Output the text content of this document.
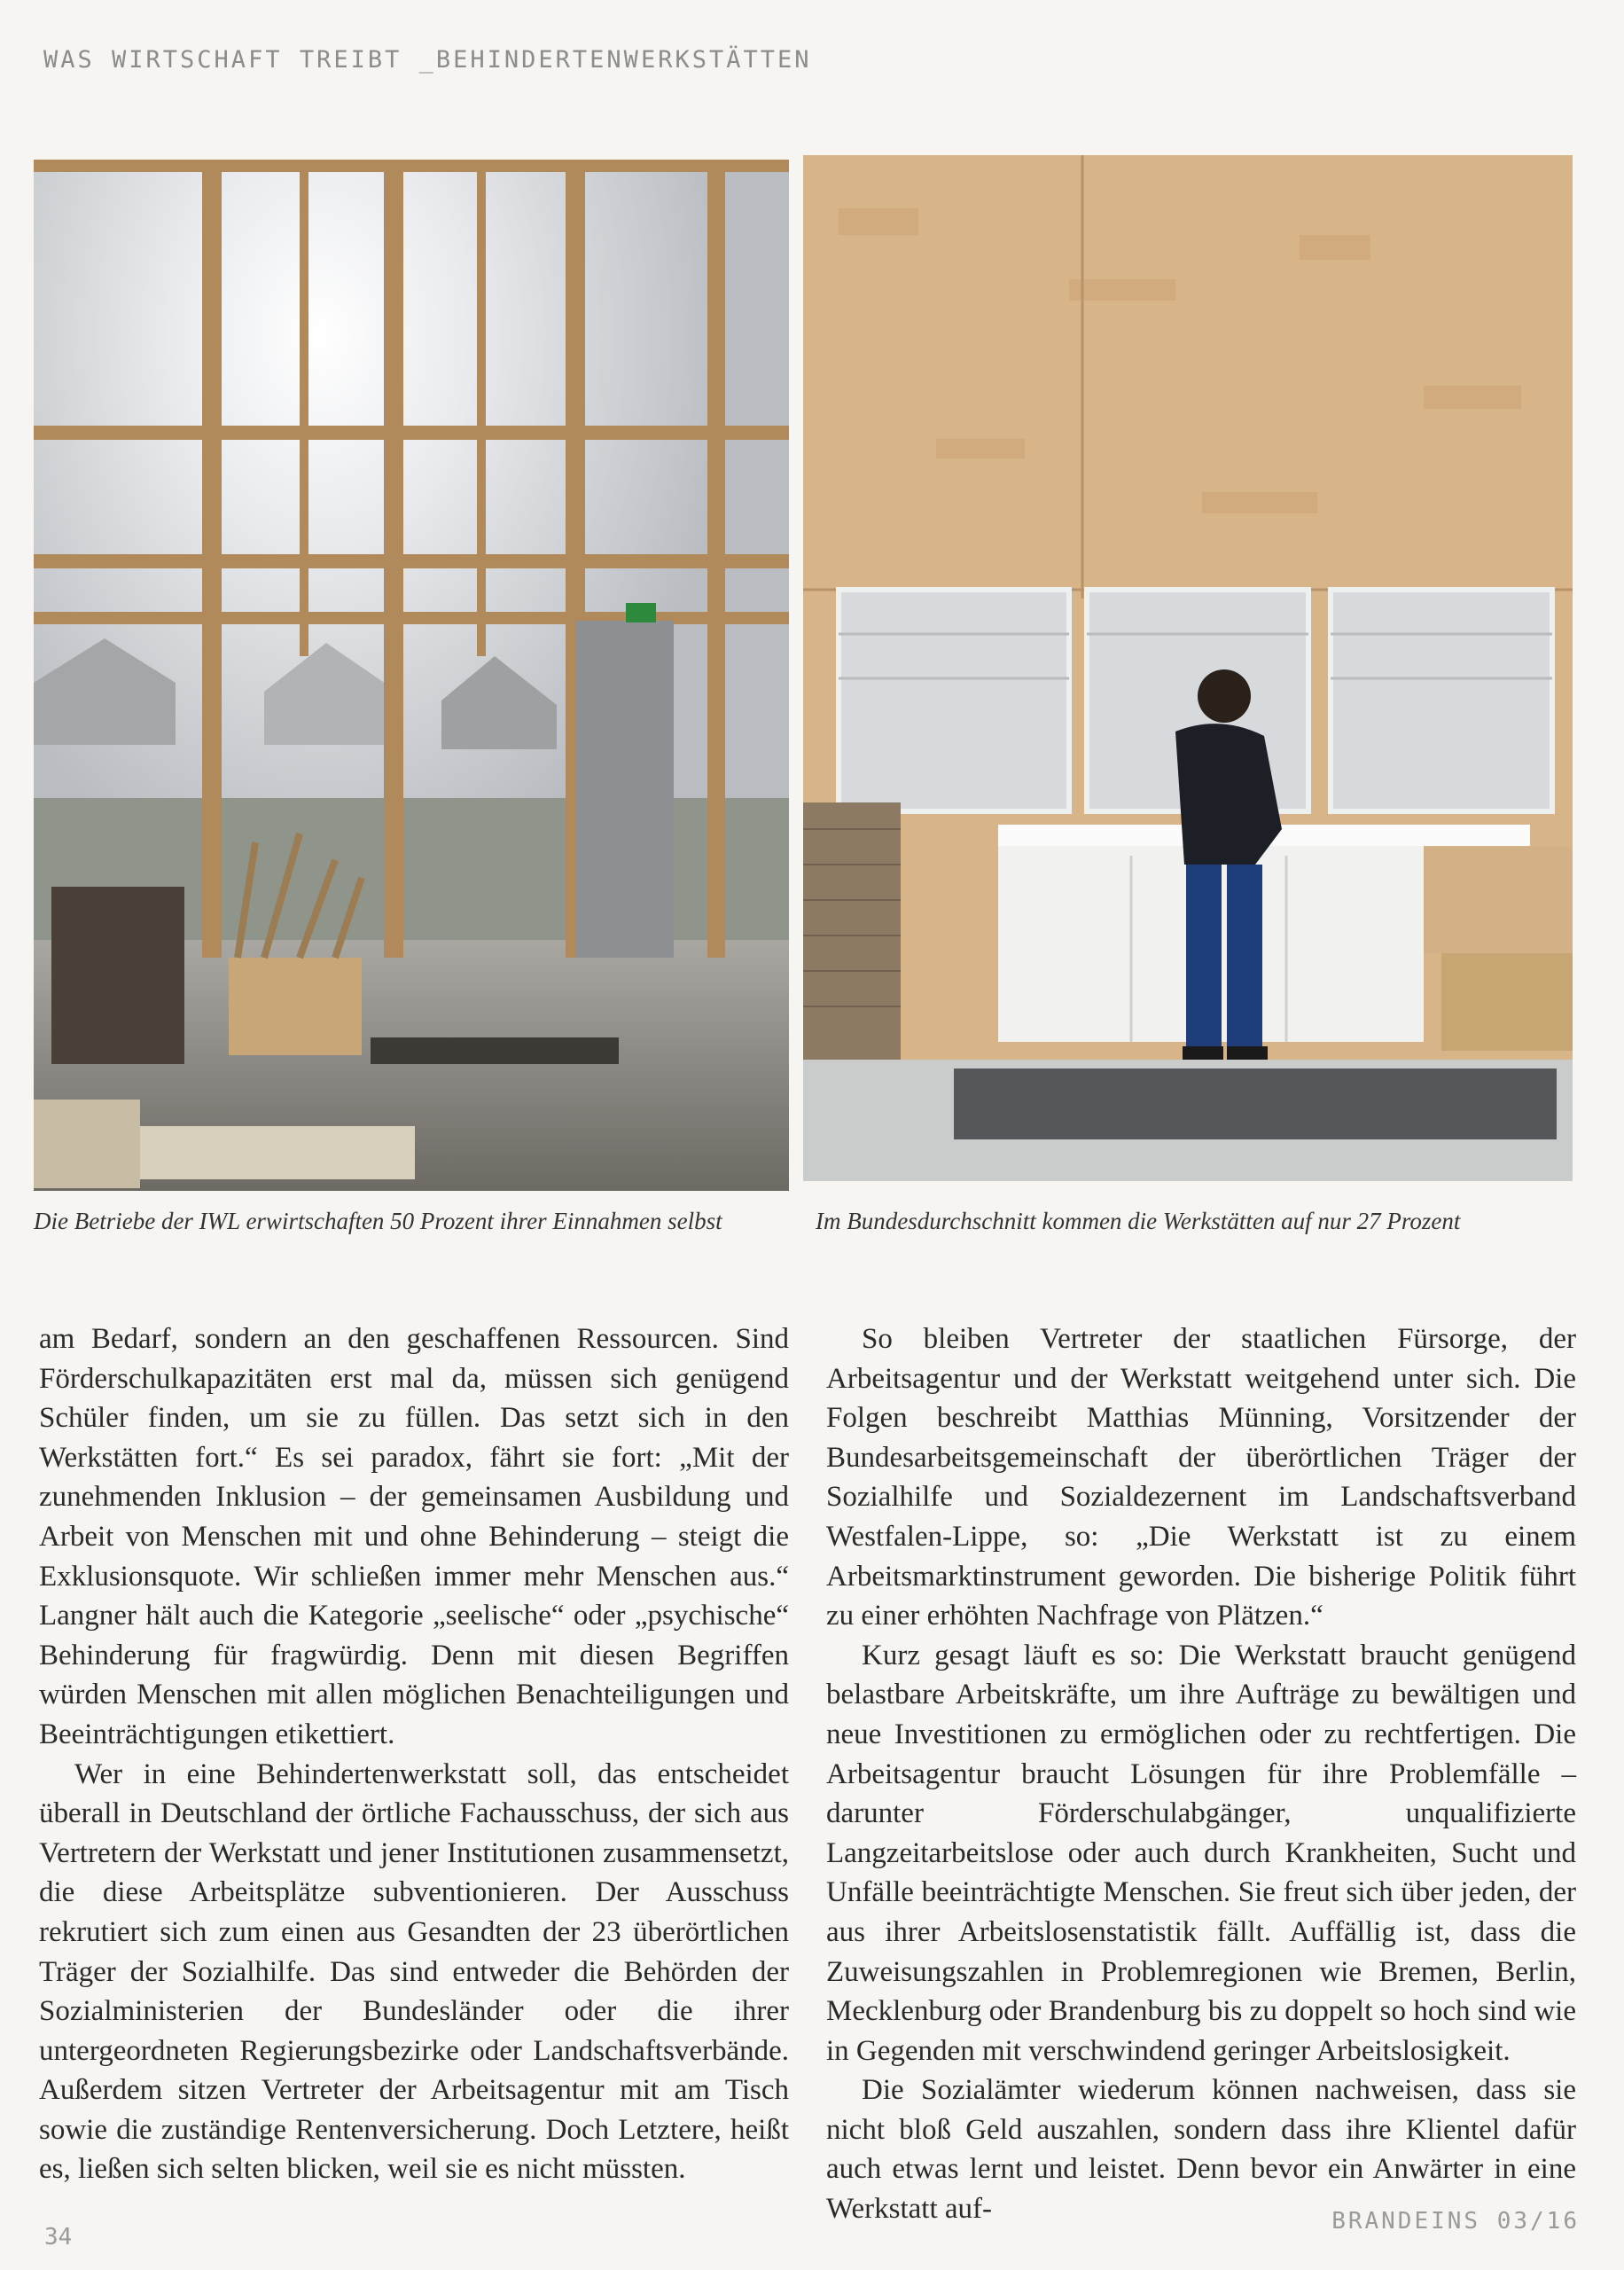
WAS WIRTSCHAFT TREIBT _BEHINDERTENWERKSTÄTTEN
Die Betriebe der IWL erwirtschaften 50 Prozent ihrer Einnahmen selbst	Im Bundesdurchschnitt kommen die Werkstätten auf nur 27 Prozent

am Bedarf, sondern an den geschaffenen Ressourcen. Sind Förderschulkapazitäten erst mal da, müssen sich genügend Schüler finden, um sie zu füllen. Das setzt sich in den Werkstätten fort.“ Es sei paradox, fährt sie fort: „Mit der zunehmenden Inklusion – der gemeinsamen Ausbildung und Arbeit von Menschen mit und ohne Behinderung – steigt die Exklusionsquote. Wir schließen immer mehr Menschen aus.“ Langner hält auch die Kategorie „seelische“ oder „psychische“ Behinderung für fragwürdig. Denn mit diesen Begriffen würden Menschen mit allen möglichen Benachteiligungen und Beeinträchtigungen etikettiert.

Wer in eine Behindertenwerkstatt soll, das entscheidet überall in Deutschland der örtliche Fachausschuss, der sich aus Vertretern der Werkstatt und jener Institutionen zusammensetzt, die diese Arbeitsplätze subventionieren. Der Ausschuss rekrutiert sich zum einen aus Gesandten der 23 überörtlichen Träger der Sozialhilfe. Das sind entweder die Behörden der Sozialministerien der Bundesländer oder die ihrer untergeordneten Regierungsbezirke oder Landschaftsverbände. Außerdem sitzen Vertreter der Arbeitsagentur mit am Tisch sowie die zuständige Rentenversicherung. Doch Letztere, heißt es, ließen sich selten blicken, weil sie es nicht müssten.

So bleiben Vertreter der staatlichen Fürsorge, der Arbeitsagentur und der Werkstatt weitgehend unter sich. Die Folgen beschreibt Matthias Münning, Vorsitzender der Bundesarbeitsgemeinschaft der überörtlichen Träger der Sozialhilfe und Sozialdezernent im Landschaftsverband Westfalen-Lippe, so: „Die Werkstatt ist zu einem Arbeitsmarktinstrument geworden. Die bisherige Politik führt zu einer erhöhten Nachfrage von Plätzen.“

Kurz gesagt läuft es so: Die Werkstatt braucht genügend belastbare Arbeitskräfte, um ihre Aufträge zu bewältigen und neue Investitionen zu ermöglichen oder zu rechtfertigen. Die Arbeitsagentur braucht Lösungen für ihre Problemfälle – darunter Förderschulabgänger, unqualifizierte Langzeitarbeitslose oder auch durch Krankheiten, Sucht und Unfälle beeinträchtigte Menschen. Sie freut sich über jeden, der aus ihrer Arbeitslosenstatistik fällt. Auffällig ist, dass die Zuweisungszahlen in Problemregionen wie Bremen, Berlin, Mecklenburg oder Brandenburg bis zu doppelt so hoch sind wie in Gegenden mit verschwindend geringer Arbeitslosigkeit.

Die Sozialämter wiederum können nachweisen, dass sie nicht bloß Geld auszahlen, sondern dass ihre Klientel dafür auch etwas lernt und leistet. Denn bevor ein Anwärter in eine Werkstatt auf-

34
BRANDEINS 03/16
